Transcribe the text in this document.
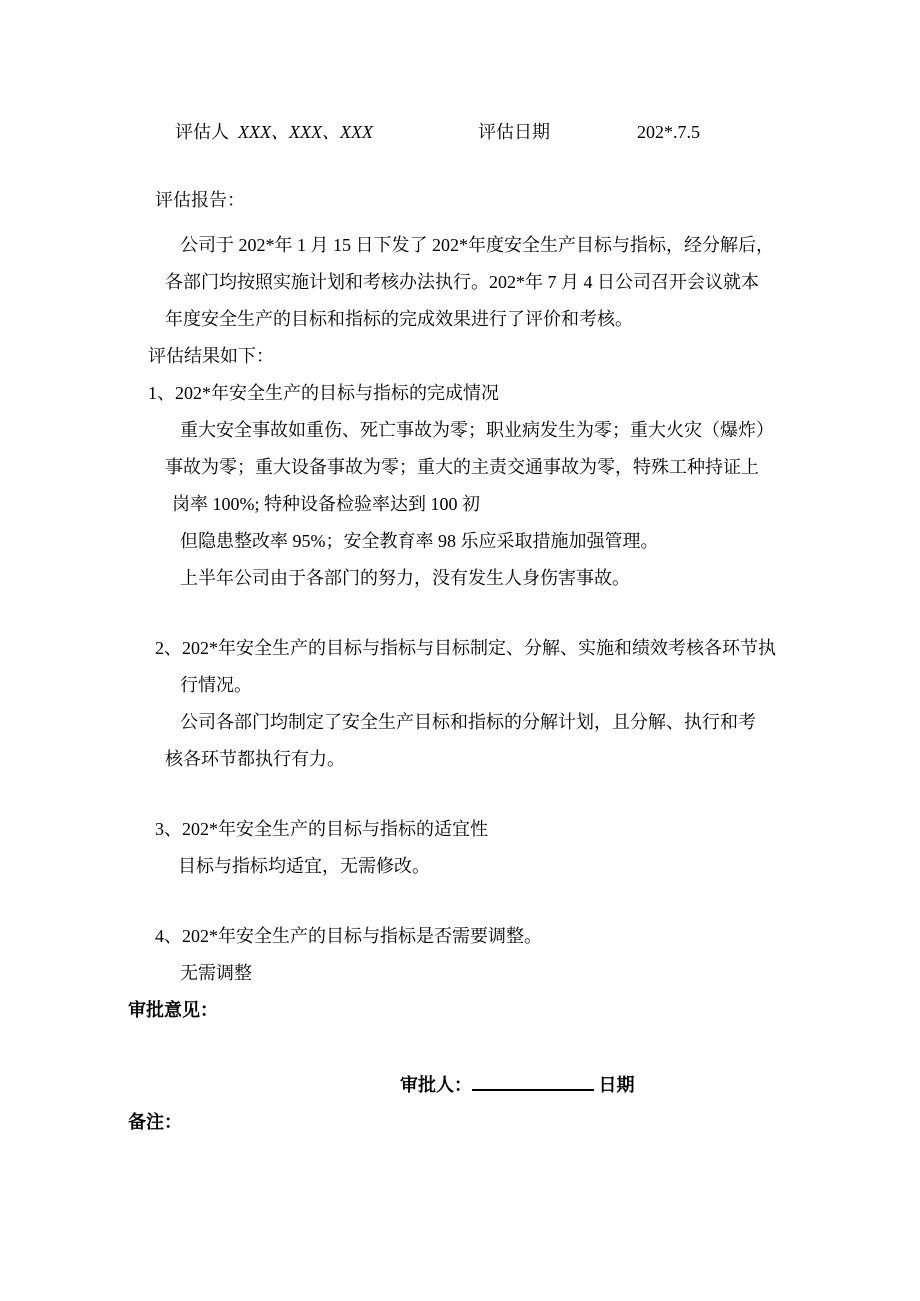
评估人 XXX、XXX、XXX	评估日期	202*.7.5
评估报告：
公司于 202*年 1 月 15 日下发了 202*年度安全生产目标与指标，经分解后，
各部门均按照实施计划和考核办法执行。202*年 7 月 4 日公司召开会议就本
年度安全生产的目标和指标的完成效果进行了评价和考核。
评估结果如下：
1、202*年安全生产的目标与指标的完成情况
重大安全事故如重伤、死亡事故为零；职业病发生为零；重大火灾（爆炸）
事故为零；重大设备事故为零；重大的主责交通事故为零，特殊工种持证上
岗率 100%; 特种设备检验率达到 100 初
但隐患整改率 95%；安全教育率 98 乐应采取措施加强管理。
上半年公司由于各部门的努力，没有发生人身伤害事故。
2、202*年安全生产的目标与指标与目标制定、分解、实施和绩效考核各环节执
行情况。
公司各部门均制定了安全生产目标和指标的分解计划，且分解、执行和考
核各环节都执行有力。
3、202*年安全生产的目标与指标的适宜性
目标与指标均适宜，无需修改。
4、202*年安全生产的目标与指标是否需要调整。
无需调整
审批意见：
审批人：	日期
备注：
